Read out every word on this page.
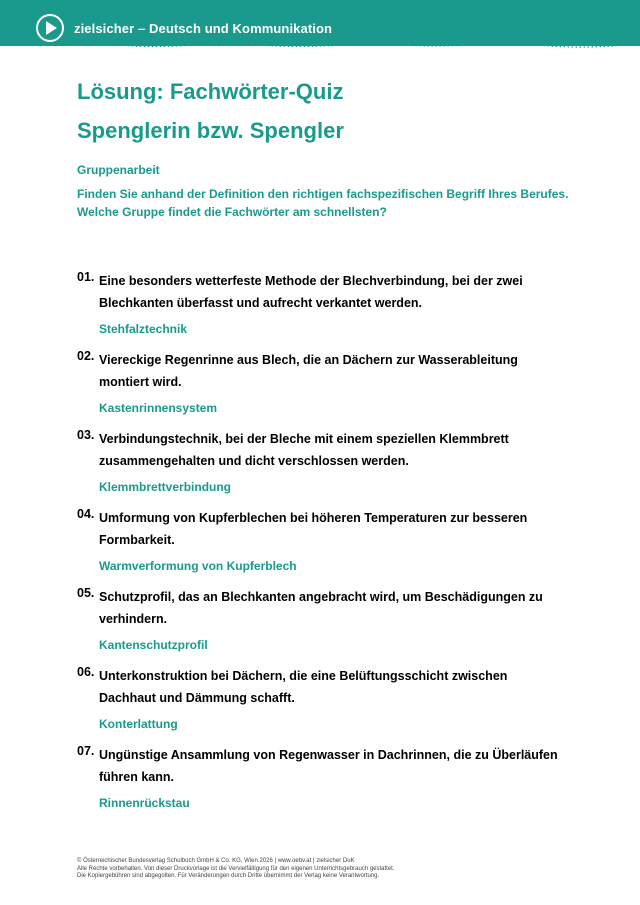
zielsicher – Deutsch und Kommunikation
Lösung: Fachwörter-Quiz
Spenglerin bzw. Spengler
Gruppenarbeit
Finden Sie anhand der Definition den richtigen fachspezifischen Begriff Ihres Berufes. Welche Gruppe findet die Fachwörter am schnellsten?
01. Eine besonders wetterfeste Methode der Blechverbindung, bei der zwei Blechkanten überfasst und aufrecht verkantet werden.
Stehfalztechnik
02. Viereckige Regenrinne aus Blech, die an Dächern zur Wasserableitung montiert wird.
Kastenrinnensystem
03. Verbindungstechnik, bei der Bleche mit einem speziellen Klemmbrett zusammengehalten und dicht verschlossen werden.
Klemmbrettverbindung
04. Umformung von Kupferblechen bei höheren Temperaturen zur besseren Formbarkeit.
Warmverformung von Kupferblech
05. Schutzprofil, das an Blechkanten angebracht wird, um Beschädigungen zu verhindern.
Kantenschutzprofil
06. Unterkonstruktion bei Dächern, die eine Belüftungsschicht zwischen Dachhaut und Dämmung schafft.
Konterlattung
07. Ungünstige Ansammlung von Regenwasser in Dachrinnen, die zu Überläufen führen kann.
Rinnenrückstau
© Österreichischer Bundesverlag Schulbuch GmbH & Co. KG, Wien 2026 | www.oebv.at | zielsicher DuK
Alle Rechte vorbehalten. Von dieser Druckvorlage ist die Vervielfältigung für den eigenen Unterrichtsgebrauch gestattet.
Die Kopiergebühren sind abgegolten. Für Veränderungen durch Dritte übernimmt der Verlag keine Verantwortung.
